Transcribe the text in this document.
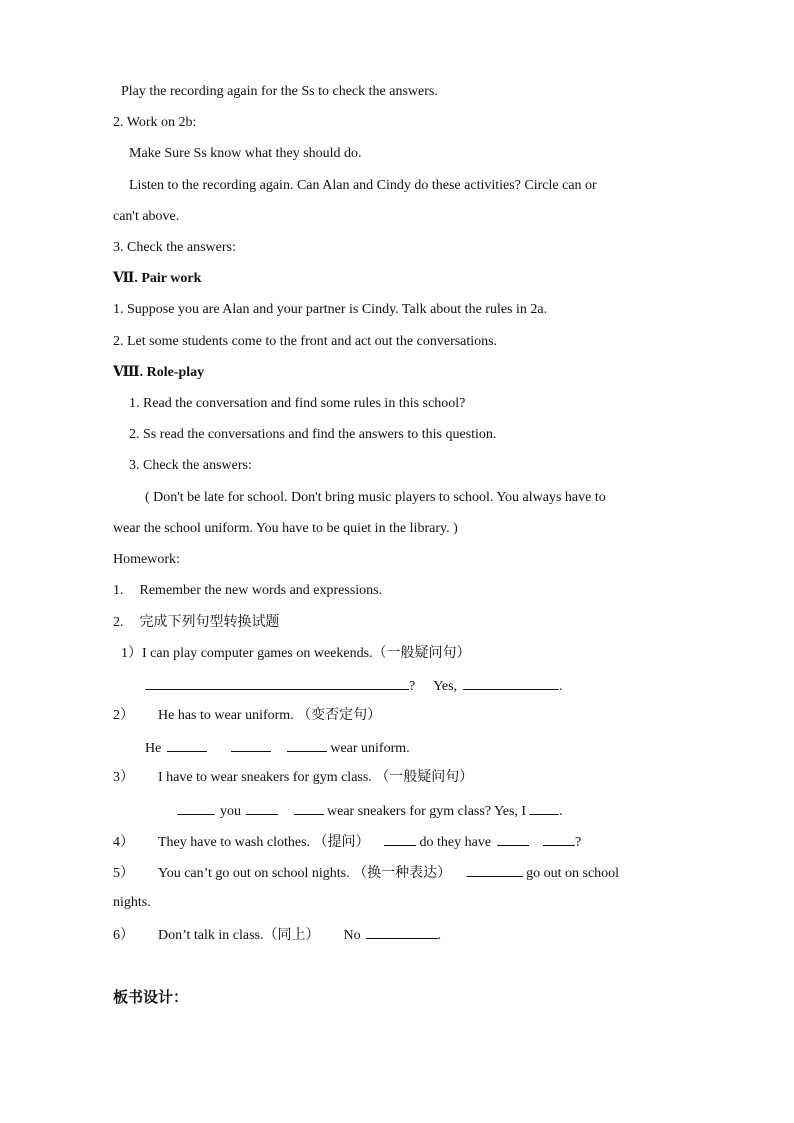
Play the recording again for the Ss to check the answers.
2. Work on 2b:
Make Sure Ss know what they should do.
Listen to the recording again. Can Alan and Cindy do these activities? Circle can or
can't above.
3. Check the answers:
Ⅶ. Pair work
1. Suppose you are Alan and your partner is Cindy. Talk about the rules in 2a.
2. Let some students come to the front and act out the conversations.
Ⅷ. Role-play
1. Read the conversation and find some rules in this school?
2. Ss read the conversations and find the answers to this question.
3. Check the answers:
( Don't be late for school. Don't bring music players to school. You always have to
wear the school uniform. You have to be quiet in the library. )
Homework:
1. Remember the new words and expressions.
2. 完成下列句型转换试题
1）I can play computer games on weekends.（一般疑问句）
? Yes,	.
2） He has to wear uniform. （变否定句）
He	wear uniform.
3） I have to wear sneakers for gym class. （一般疑问句）
you	wear sneakers for gym class? Yes, I .
4） They have to wash clothes. （提问）	do they have	?
5） You can’t go out on school nights. （换一种表达）	go out on school
nights.
6） Don’t talk in class.（同上） No	.
板书设计：
